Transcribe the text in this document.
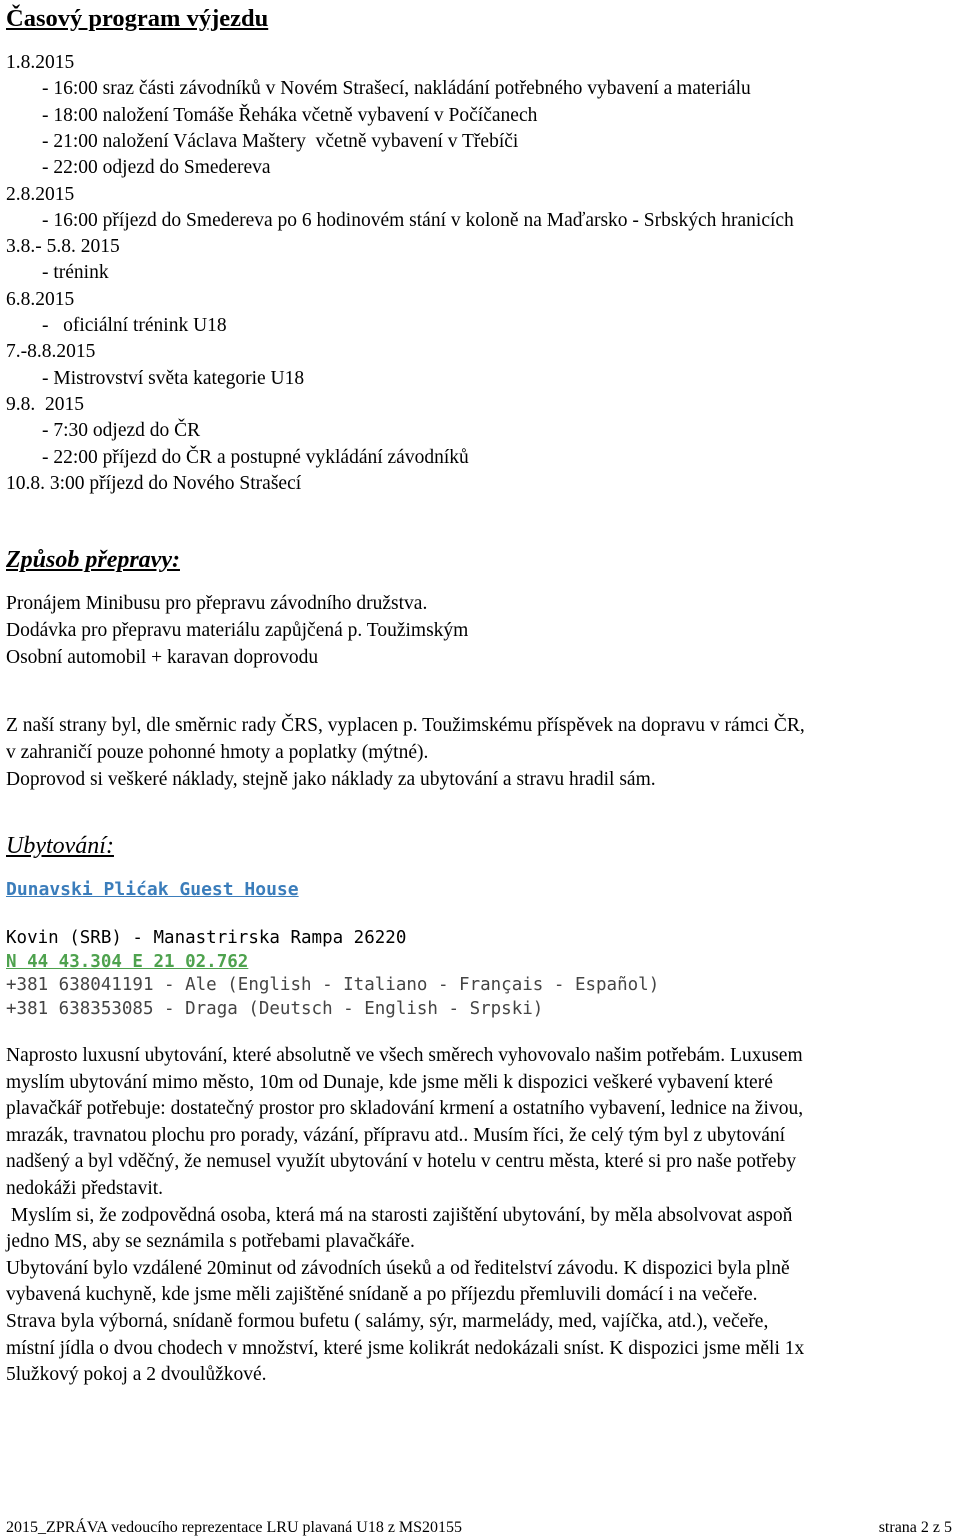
Časový program výjezdu
1.8.2015
- 16:00 sraz části závodníků v Novém Strašecí, nakládání potřebného vybavení a materiálu
- 18:00 naložení Tomáše Řeháka včetně vybavení v Počíčanech
- 21:00 naložení Václava Maštery  včetně vybavení v Třebíči
- 22:00 odjezd do Smedereva
2.8.2015
- 16:00 příjezd do Smedereva po 6 hodinovém stání v koloně na Maďarsko - Srbských hranicích
3.8.- 5.8. 2015
- trénink
6.8.2015
-   oficiální trénink U18
7.-8.8.2015
- Mistrovství světa kategorie U18
9.8.  2015
- 7:30 odjezd do ČR
- 22:00 příjezd do ČR a postupné vykládání závodníků
10.8. 3:00 příjezd do Nového Strašecí
Způsob přepravy:
Pronájem Minibusu pro přepravu závodního družstva.
Dodávka pro přepravu materiálu zapůjčená p. Toužimským
Osobní automobil + karavan doprovodu
Z naší strany byl, dle směrnic rady ČRS, vyplacen p. Toužimskému příspěvek na dopravu v rámci ČR,
v zahraničí pouze pohonné hmoty a poplatky (mýtné).
Doprovod si veškeré náklady, stejně jako náklady za ubytování a stravu hradil sám.
Ubytování:
Dunavski Plićak Guest House
Kovin (SRB) - Manastrirska Rampa 26220
N 44 43.304 E 21 02.762
+381 638041191 - Ale (English - Italiano - Français - Español)
+381 638353085 - Draga (Deutsch - English - Srpski)
Naprosto luxusní ubytování, které absolutně ve všech směrech vyhovovalo našim potřebám. Luxusem
myslím ubytování mimo město, 10m od Dunaje, kde jsme měli k dispozici veškeré vybavení které
plavačkář potřebuje: dostatečný prostor pro skladování krmení a ostatního vybavení, lednice na živou,
mrazák, travnatou plochu pro porady, vázání, přípravu atd.. Musím říci, že celý tým byl z ubytování
nadšený a byl vděčný, že nemusel využít ubytování v hotelu v centru města, které si pro naše potřeby
nedokáži představit.
Myslím si, že zodpovědná osoba, která má na starosti zajištění ubytování, by měla absolvovat aspoň
jedno MS, aby se seznámila s potřebami plavačkáře.
Ubytování bylo vzdálené 20minut od závodních úseků a od ředitelství závodu. K dispozici byla plně
vybavená kuchyně, kde jsme měli zajištěné snídaně a po příjezdu přemluvili domácí i na večeře.
Strava byla výborná, snídaně formou bufetu ( salámy, sýr, marmelády, med, vajíčka, atd.), večeře,
místní jídla o dvou chodech v množství, které jsme kolikrát nedokázali sníst. K dispozici jsme měli 1x
5lužkový pokoj a 2 dvoulůžkové.
2015_ZPRÁVA vedoucího reprezentace LRU plavaná U18 z MS20155	strana 2 z 5
